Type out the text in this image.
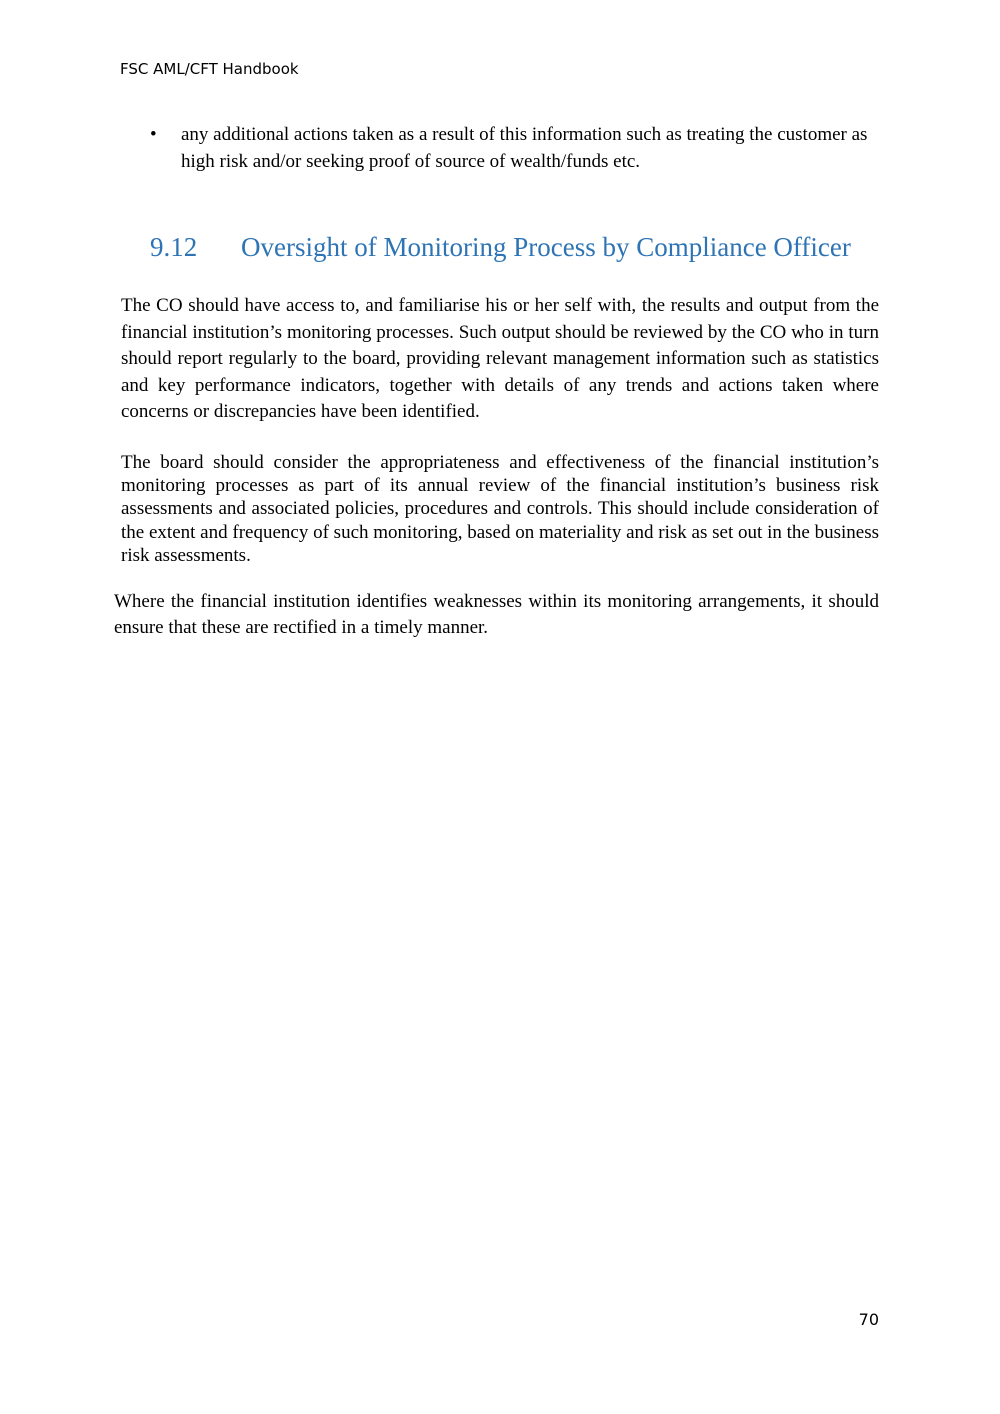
FSC AML/CFT Handbook
• any additional actions taken as a result of this information such as treating the customer as high risk and/or seeking proof of source of wealth/funds etc.
9.12 Oversight of Monitoring Process by Compliance Officer

The CO should have access to, and familiarise his or her self with, the results and output from the financial institution’s monitoring processes. Such output should be reviewed by the CO who in turn should report regularly to the board, providing relevant management information such as statistics and key performance indicators, together with details of any trends and actions taken where concerns or discrepancies have been identified.

The board should consider the appropriateness and effectiveness of the financial institution’s monitoring processes as part of its annual review of the financial institution’s business risk assessments and associated policies, procedures and controls. This should include consideration of the extent and frequency of such monitoring, based on materiality and risk as set out in the business risk assessments.

Where the financial institution identifies weaknesses within its monitoring arrangements, it should ensure that these are rectified in a timely manner.

70
